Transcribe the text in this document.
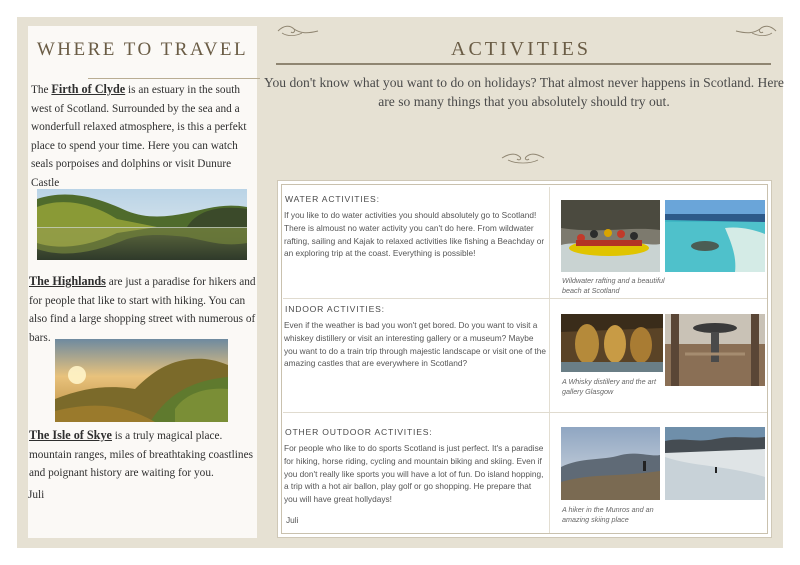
WHERE TO TRAVEL
The Firth of Clyde is an estuary in the south west of Scotland. Surrounded by the sea and a wonderfull relaxed atmosphere, is this a perfekt place to spend your time. Here you can watch seals porpoises and dolphins or visit Dunure Castle
The Highlands are just a paradise for hikers and for people that like to start with hiking. You can also find a large shopping street with numerous of bars.
The Isle of Skye is a truly magical place. mountain ranges, miles of breathtaking coastlines and poignant history are waiting for you.
Juli
ACTIVITIES
You don't know what you want to do on holidays? That almost never happens in Scotland. Here are so many things that you absolutely should try out.
WATER ACTIVITIES:
If you like to do water activities you should absolutely go to Scotland! There is almoust no water activity you can't do here. From wildwater rafting, sailing and Kajak to relaxed activities like fishing a Beachday or an exploring trip at the coast. Everything is possible!
Wildwater rafting and a beautiful beach at Scotland
INDOOR ACTIVITIES:
Even if the weather is bad you won't get bored. Do you want to visit a whiskey distillery or visit an interesting gallery or a museum? Maybe you want to do a train trip through majestic landscape or visit one of the amazing castles that are everywhere in Scotland?
A Whisky distillery and the art gallery Glasgow
OTHER OUTDOOR ACTIVITIES:
For people who like to do sports Scotland is just perfect. It's a paradise for hiking, horse riding, cycling and mountain biking and skiing. Even if you don't really like sports you will have a lot of fun. Do island hopping, a trip with a hot air ballon, play golf or go shopping. He prepare that you will have great hollydays!
Juli
A hiker in the Munros and an amazing skiing place
